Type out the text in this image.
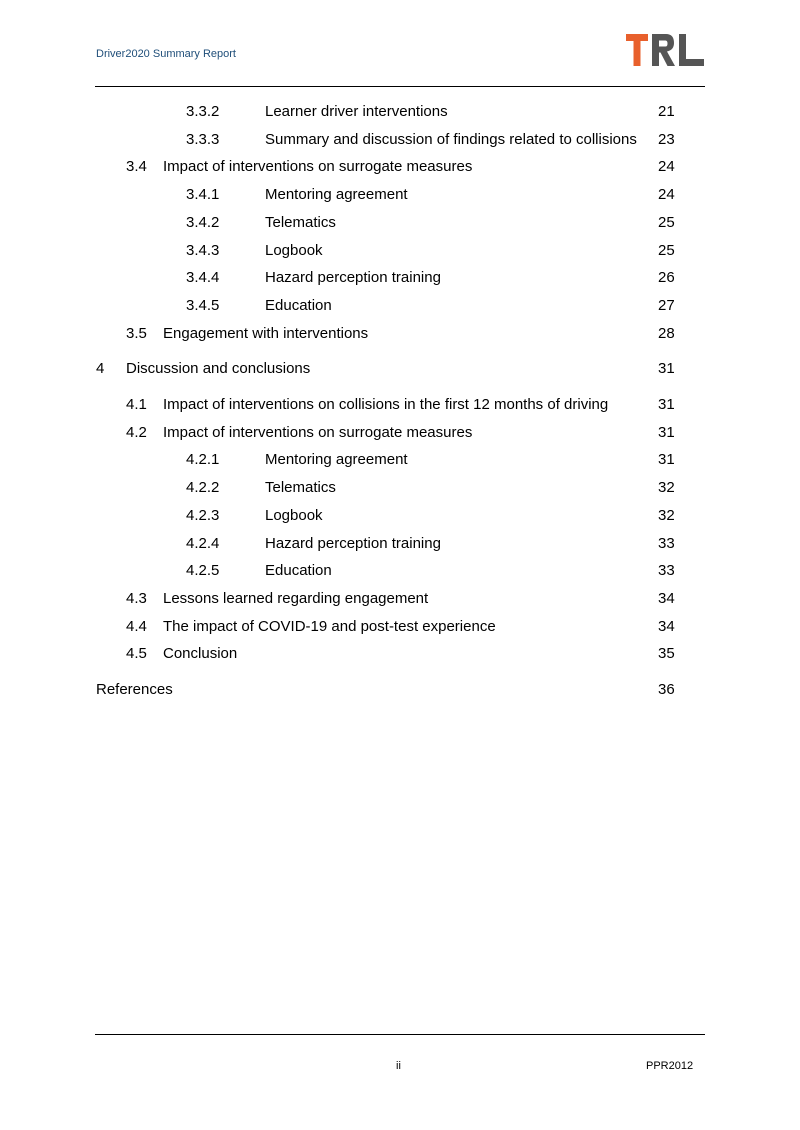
Driver2020 Summary Report
3.3.2	Learner driver interventions	21
3.3.3	Summary and discussion of findings related to collisions 23
3.4 Impact of interventions on surrogate measures	24
3.4.1	Mentoring agreement	24
3.4.2	Telematics	25
3.4.3	Logbook	25
3.4.4	Hazard perception training	26
3.4.5	Education	27
3.5 Engagement with interventions	28
4 Discussion and conclusions	31
4.1 Impact of interventions on collisions in the first 12 months of driving	31
4.2 Impact of interventions on surrogate measures	31
4.2.1	Mentoring agreement	31
4.2.2	Telematics	32
4.2.3	Logbook	32
4.2.4	Hazard perception training	33
4.2.5	Education	33
4.3 Lessons learned regarding engagement	34
4.4 The impact of COVID-19 and post-test experience	34
4.5 Conclusion	35
References	36
ii	PPR2012
